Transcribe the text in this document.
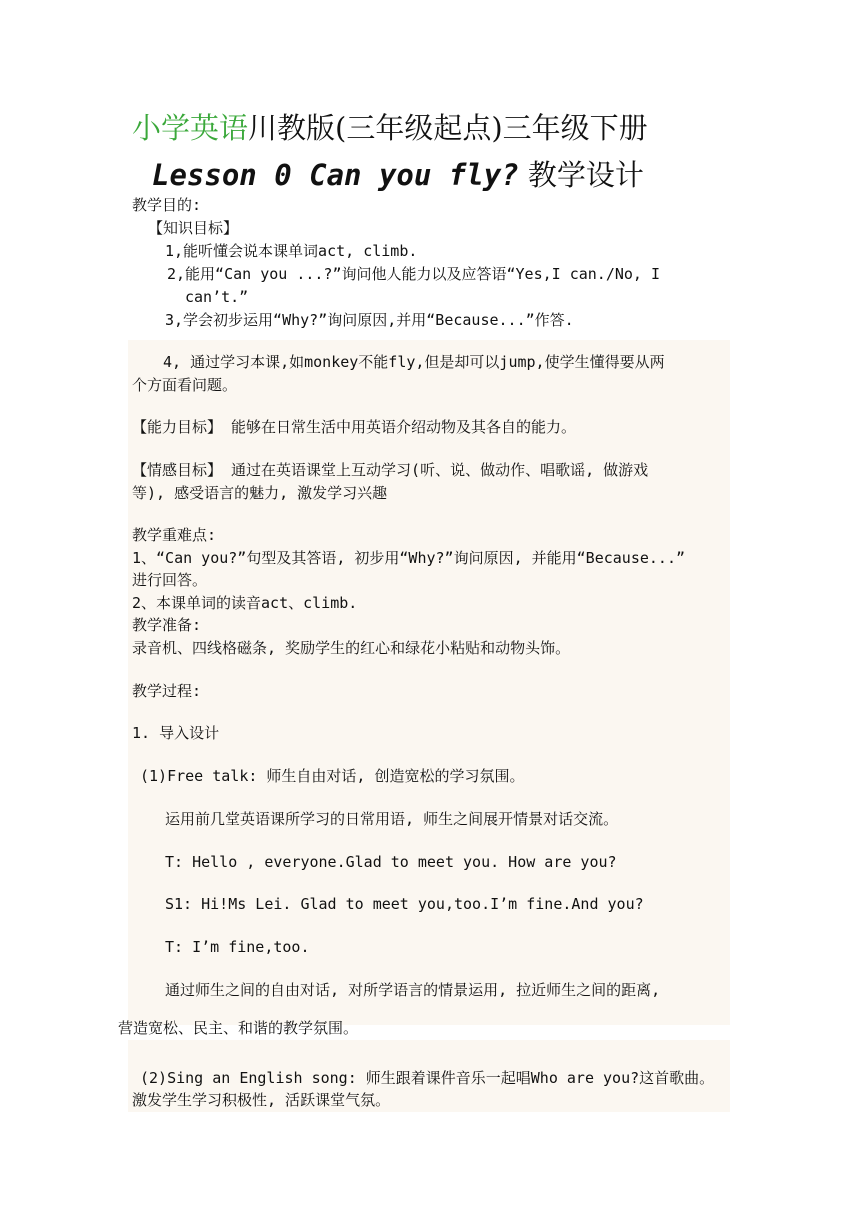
小学英语川教版(三年级起点)三年级下册
Lesson 0 Can you fly? 教学设计
教学目的:
【知识目标】
1,能听懂会说本课单词act, climb.
2,能用“Can you ...?”询问他人能力以及应答语“Yes,I can./No, I
can’t.”
3,学会初步运用“Why?”询问原因,并用“Because...”作答.
4, 通过学习本课,如monkey不能fly,但是却可以jump,使学生懂得要从两
个方面看问题。
【能力目标】 能够在日常生活中用英语介绍动物及其各自的能力。
【情感目标】 通过在英语课堂上互动学习(听、说、做动作、唱歌谣, 做游戏
等), 感受语言的魅力, 激发学习兴趣
教学重难点:
1、“Can you?”句型及其答语, 初步用“Why?”询问原因, 并能用“Because...”
进行回答。
2、本课单词的读音act、climb.
教学准备:
录音机、四线格磁条, 奖励学生的红心和绿花小粘贴和动物头饰。
教学过程:
1. 导入设计
(1)Free talk: 师生自由对话, 创造宽松的学习氛围。
运用前几堂英语课所学习的日常用语, 师生之间展开情景对话交流。
T: Hello , everyone.Glad to meet you. How are you?
S1: Hi!Ms Lei. Glad to meet you,too.I’m fine.And you?
T: I’m fine,too.
通过师生之间的自由对话, 对所学语言的情景运用, 拉近师生之间的距离,
营造宽松、民主、和谐的教学氛围。
(2)Sing an English song: 师生跟着课件音乐一起唱Who are you?这首歌曲。
激发学生学习积极性, 活跃课堂气氛。
